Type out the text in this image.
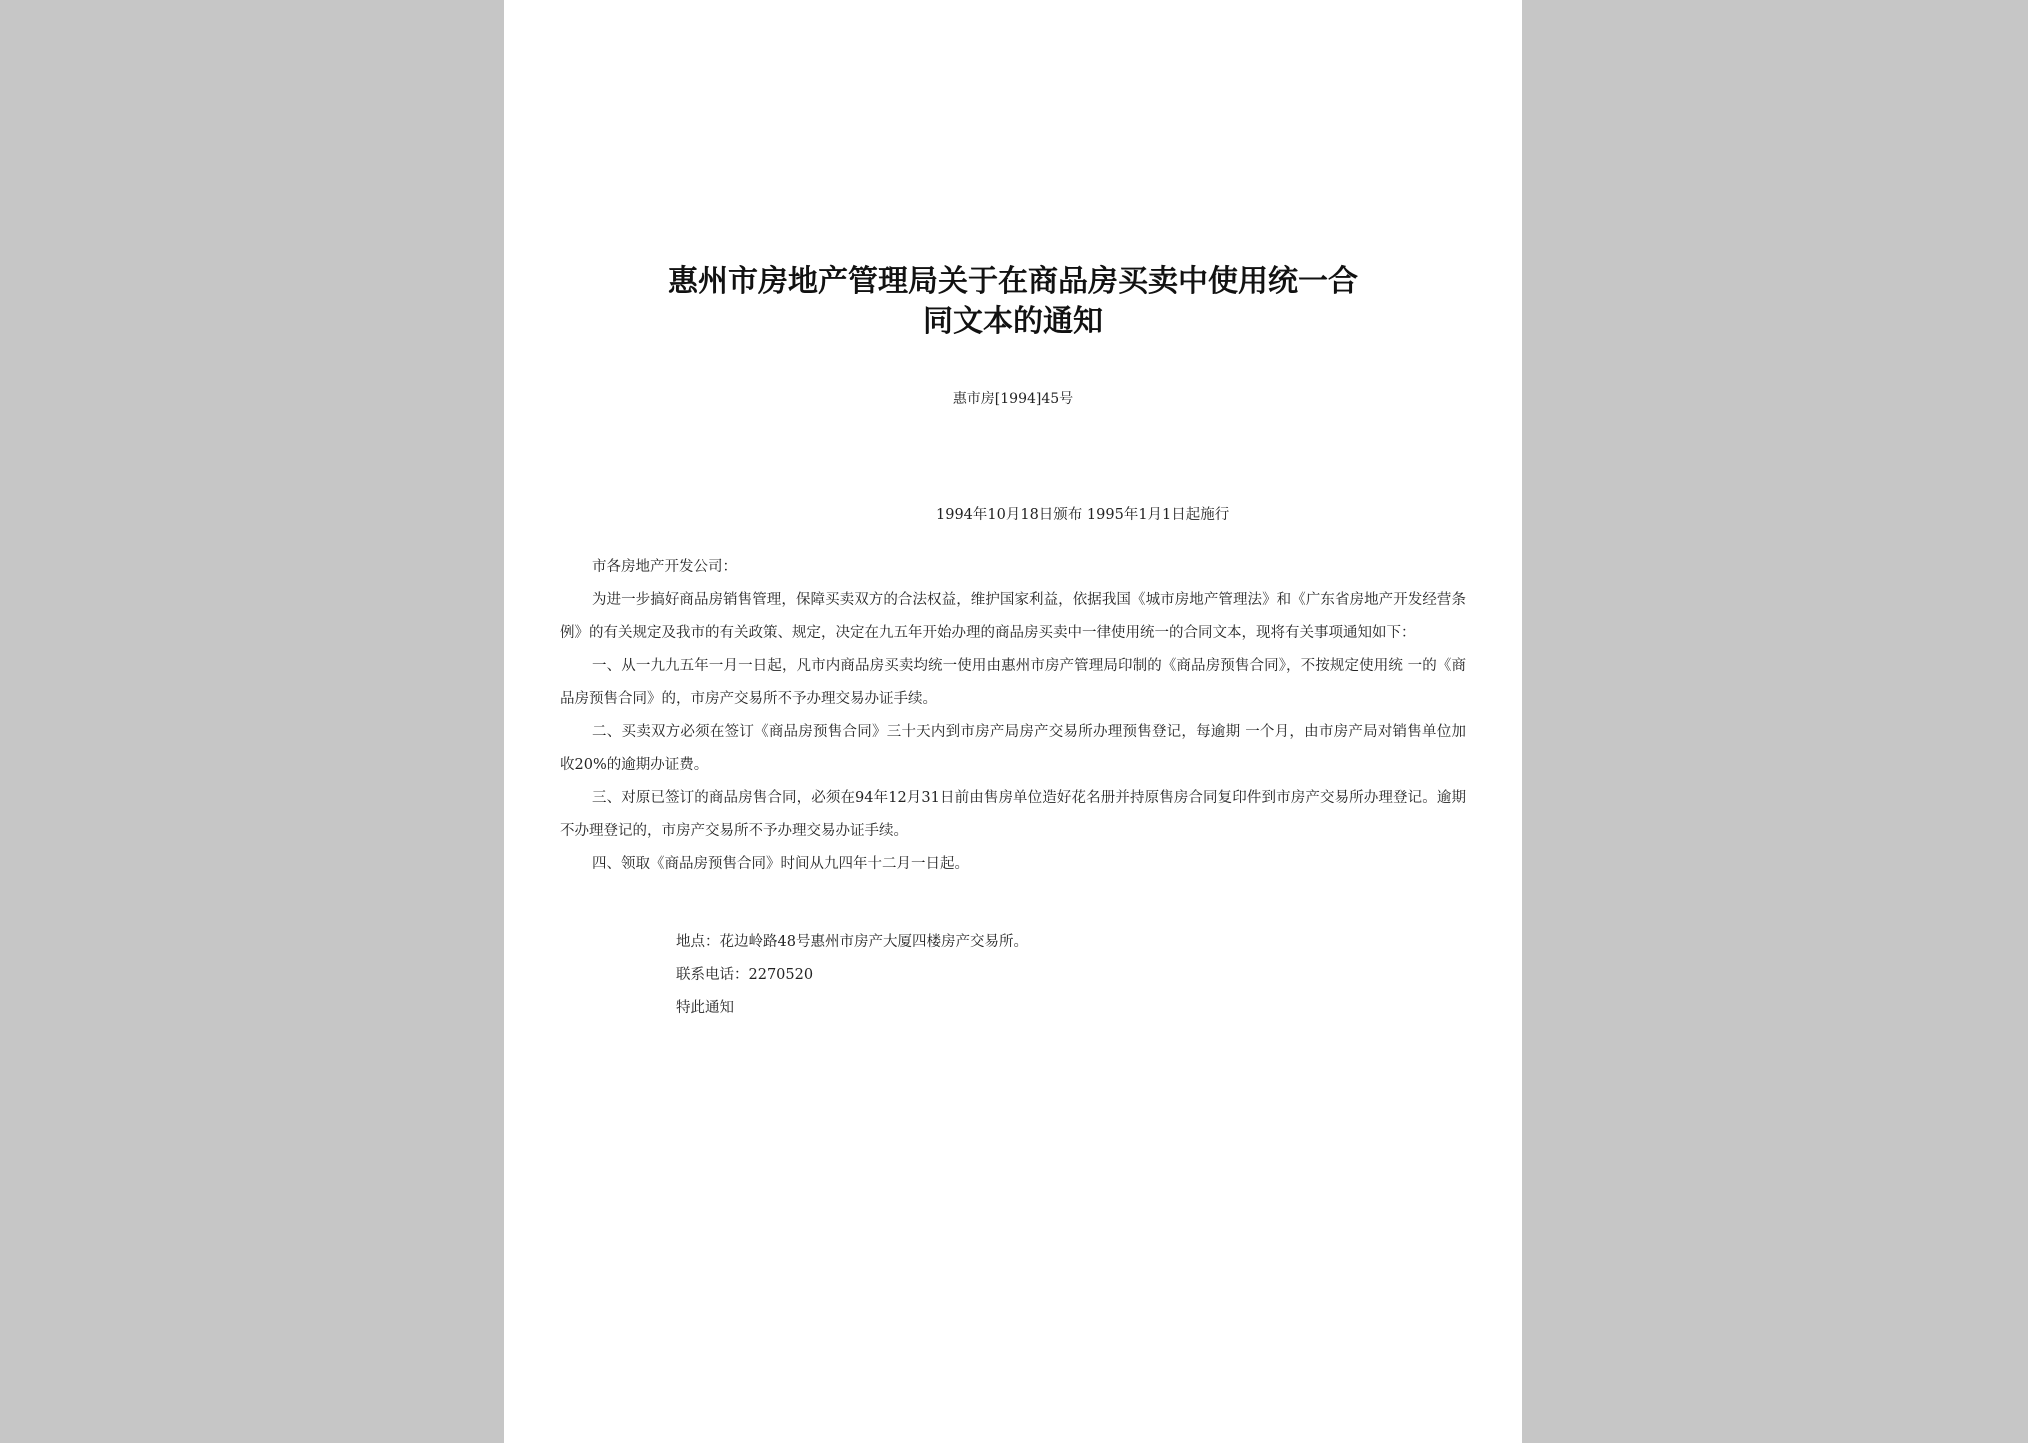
惠州市房地产管理局关于在商品房买卖中使用统一合
同文本的通知
惠市房[1994]45号
1994年10月18日颁布 1995年1月1日起施行

市各房地产开发公司：

为进一步搞好商品房销售管理，保障买卖双方的合法权益，维护国家利益，依据我国《城市房地产管理法》和《广东省房地产开发经营条例》的有关规定及我市的有关政策、规定，决定在九五年开始办理的商品房买卖中一律使用统一的合同文本，现将有关事项通知如下：

一、从一九九五年一月一日起，凡市内商品房买卖均统一使用由惠州市房产管理局印制的《商品房预售合同》，不按规定使用统 一的《商品房预售合同》的，市房产交易所不予办理交易办证手续。

二、买卖双方必须在签订《商品房预售合同》三十天内到市房产局房产交易所办理预售登记，每逾期 一个月，由市房产局对销售单位加收20%的逾期办证费。

三、对原已签订的商品房售合同，必须在94年12月31日前由售房单位造好花名册并持原售房合同复印件到市房产交易所办理登记。逾期不办理登记的，市房产交易所不予办理交易办证手续。

四、领取《商品房预售合同》时间从九四年十二月一日起。

地点：花边岭路48号惠州市房产大厦四楼房产交易所。
联系电话：2270520
特此通知
